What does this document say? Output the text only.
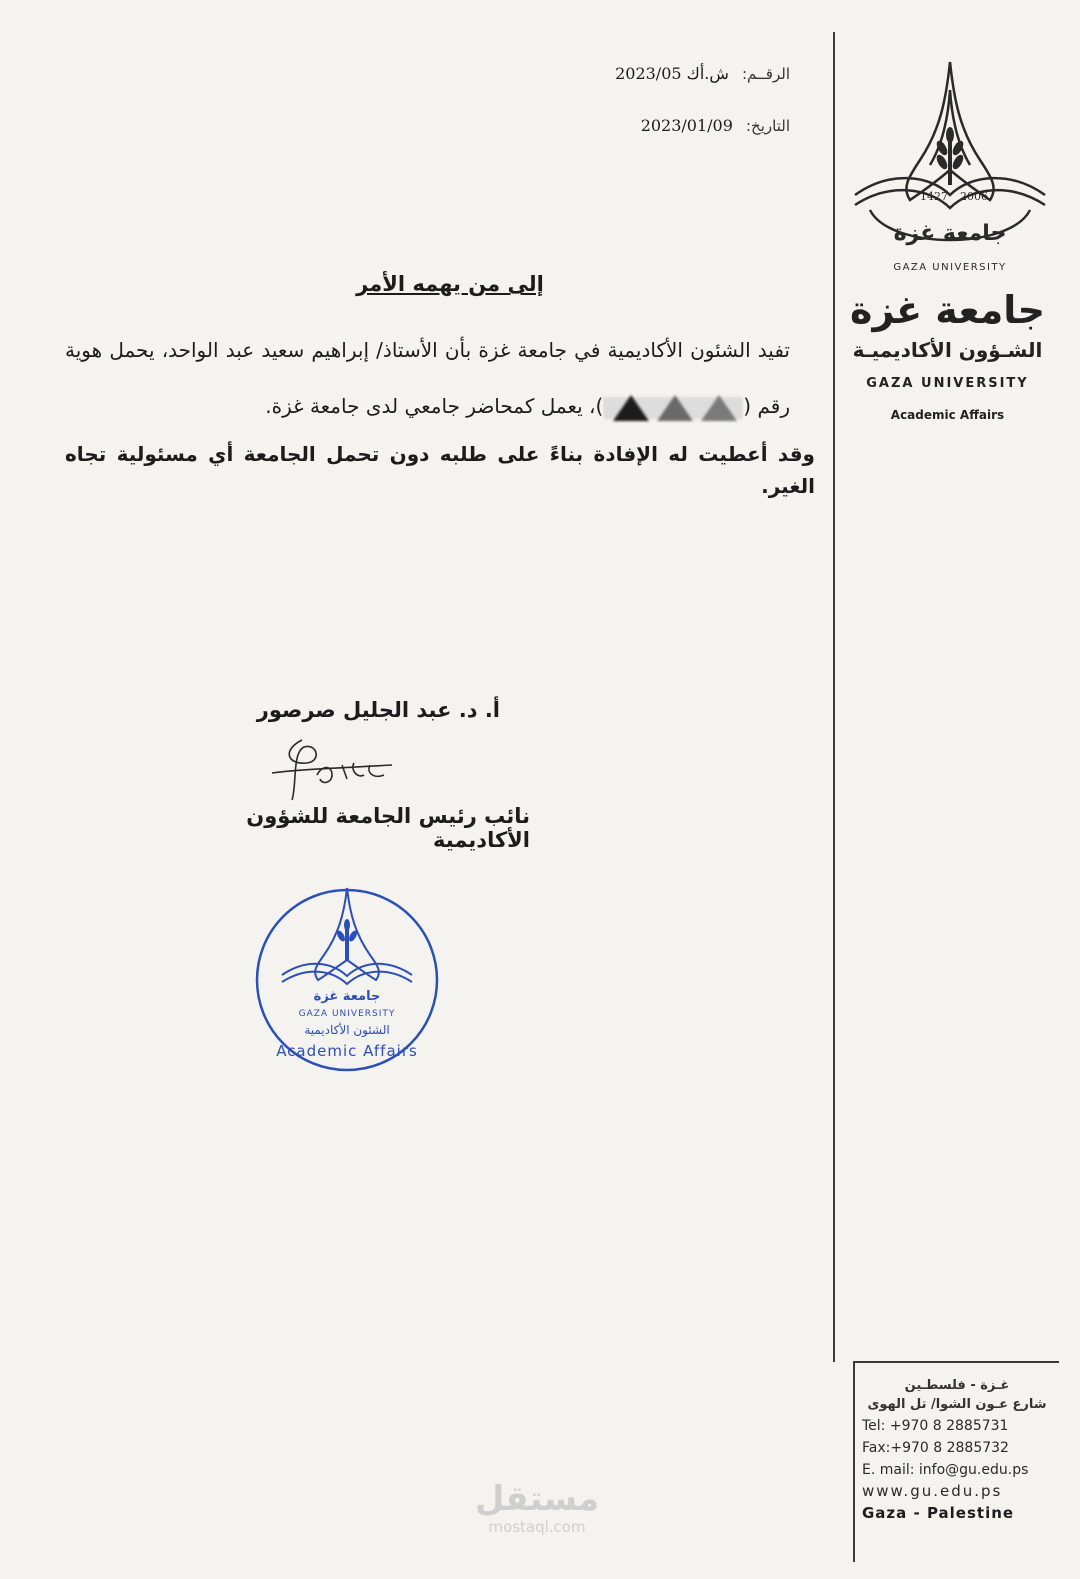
1427 2006
جامعة غزة
GAZA UNIVERSITY
جامعة غزة
الشـؤون الأكاديميـة
GAZA UNIVERSITY
Academic Affairs
الرقــم: ش.أك 2023/05
التاريخ: 2023/01/09
إلى من يهمه الأمر
تفيد الشئون الأكاديمية في جامعة غزة بأن الأستاذ/ إبراهيم سعيد عبد الواحد، يحمل هوية رقم ()، يعمل كمحاضر جامعي لدى جامعة غزة.
وقد أعطيت له الإفادة بناءً على طلبه دون تحمل الجامعة أي مسئولية تجاه الغير.
أ. د. عبد الجليل صرصور
نائب رئيس الجامعة للشؤون الأكاديمية
جامعة غزة
GAZA UNIVERSITY
الشئون الأكاديمية
Academic Affairs
غـزة - فلسطـين
شارع عـون الشوا/ تل الهوى
Tel: +970 8 2885731
Fax:+970 8 2885732
E. mail: info@gu.edu.ps
www.gu.edu.ps
Gaza - Palestine
مستقل
mostaql.com
